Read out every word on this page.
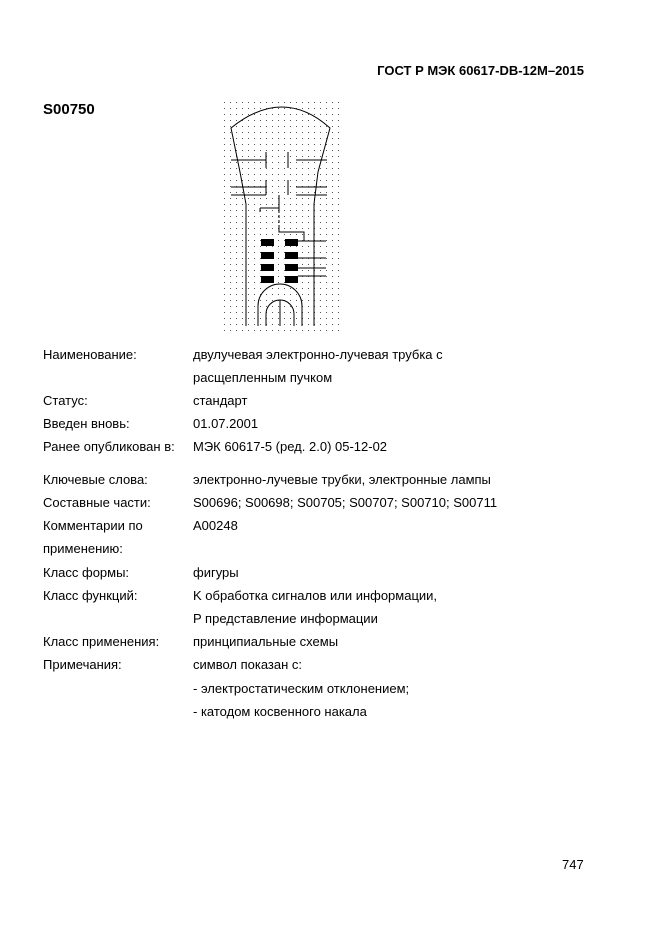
ГОСТ Р МЭК 60617-DB-12M–2015
S00750
Наименование:	двулучевая электронно-лучевая трубка с
расщепленным пучком
Статус:	стандарт
Введен вновь:	01.07.2001
Ранее опубликован в:	МЭК 60617-5 (ред. 2.0) 05-12-02
Ключевые слова:	электронно-лучевые трубки, электронные лампы
Составные части:	S00696; S00698; S00705; S00707; S00710; S00711
Комментарии по
применению:
A00248
Класс формы:	фигуры
Класс функций:	K обработка сигналов или информации,
P представление информации
Класс применения:	принципиальные схемы
Примечания:	символ показан с:
- электростатическим отклонением;
- катодом косвенного накала
747
